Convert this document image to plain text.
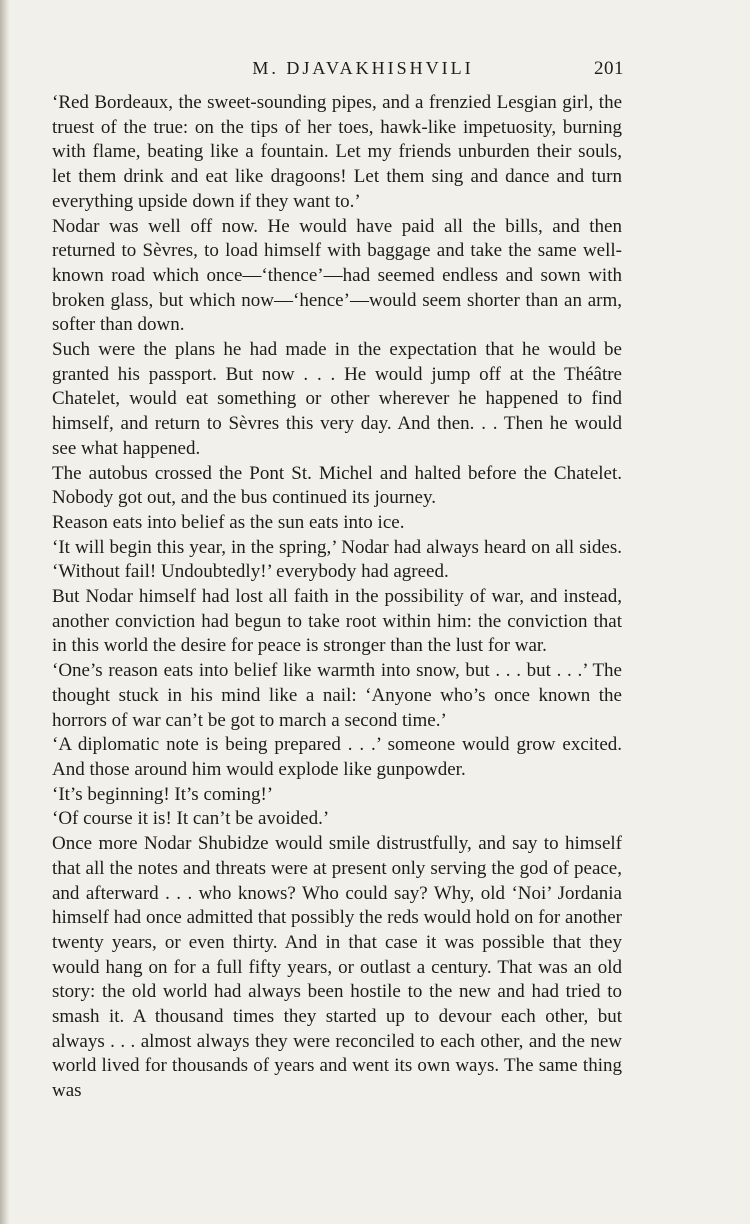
M. DJAVAKHISHVILI	201

‘Red Bordeaux, the sweet-sounding pipes, and a frenzied Lesgian girl, the truest of the true: on the tips of her toes, hawk-like impetuosity, burning with flame, beating like a fountain. Let my friends unburden their souls, let them drink and eat like dragoons! Let them sing and dance and turn everything upside down if they want to.’

Nodar was well off now. He would have paid all the bills, and then returned to Sèvres, to load himself with baggage and take the same well-known road which once—‘thence’—had seemed endless and sown with broken glass, but which now—‘hence’—would seem shorter than an arm, softer than down.

Such were the plans he had made in the expectation that he would be granted his passport. But now . . . He would jump off at the Théâtre Chatelet, would eat something or other wherever he happened to find himself, and return to Sèvres this very day. And then. . . Then he would see what happened.

The autobus crossed the Pont St. Michel and halted before the Chatelet. Nobody got out, and the bus continued its journey.

Reason eats into belief as the sun eats into ice.

‘It will begin this year, in the spring,’ Nodar had always heard on all sides. ‘Without fail! Undoubtedly!’ everybody had agreed.

But Nodar himself had lost all faith in the possibility of war, and instead, another conviction had begun to take root within him: the conviction that in this world the desire for peace is stronger than the lust for war.

‘One’s reason eats into belief like warmth into snow, but . . . but . . .’ The thought stuck in his mind like a nail: ‘Anyone who’s once known the horrors of war can’t be got to march a second time.’

‘A diplomatic note is being prepared . . .’ someone would grow excited. And those around him would explode like gunpowder.

‘It’s beginning! It’s coming!’

‘Of course it is! It can’t be avoided.’

Once more Nodar Shubidze would smile distrustfully, and say to himself that all the notes and threats were at present only serving the god of peace, and afterward . . . who knows? Who could say? Why, old ‘Noi’ Jordania himself had once admitted that possibly the reds would hold on for another twenty years, or even thirty. And in that case it was possible that they would hang on for a full fifty years, or outlast a century. That was an old story: the old world had always been hostile to the new and had tried to smash it. A thousand times they started up to devour each other, but always . . . almost always they were reconciled to each other, and the new world lived for thousands of years and went its own ways. The same thing was
